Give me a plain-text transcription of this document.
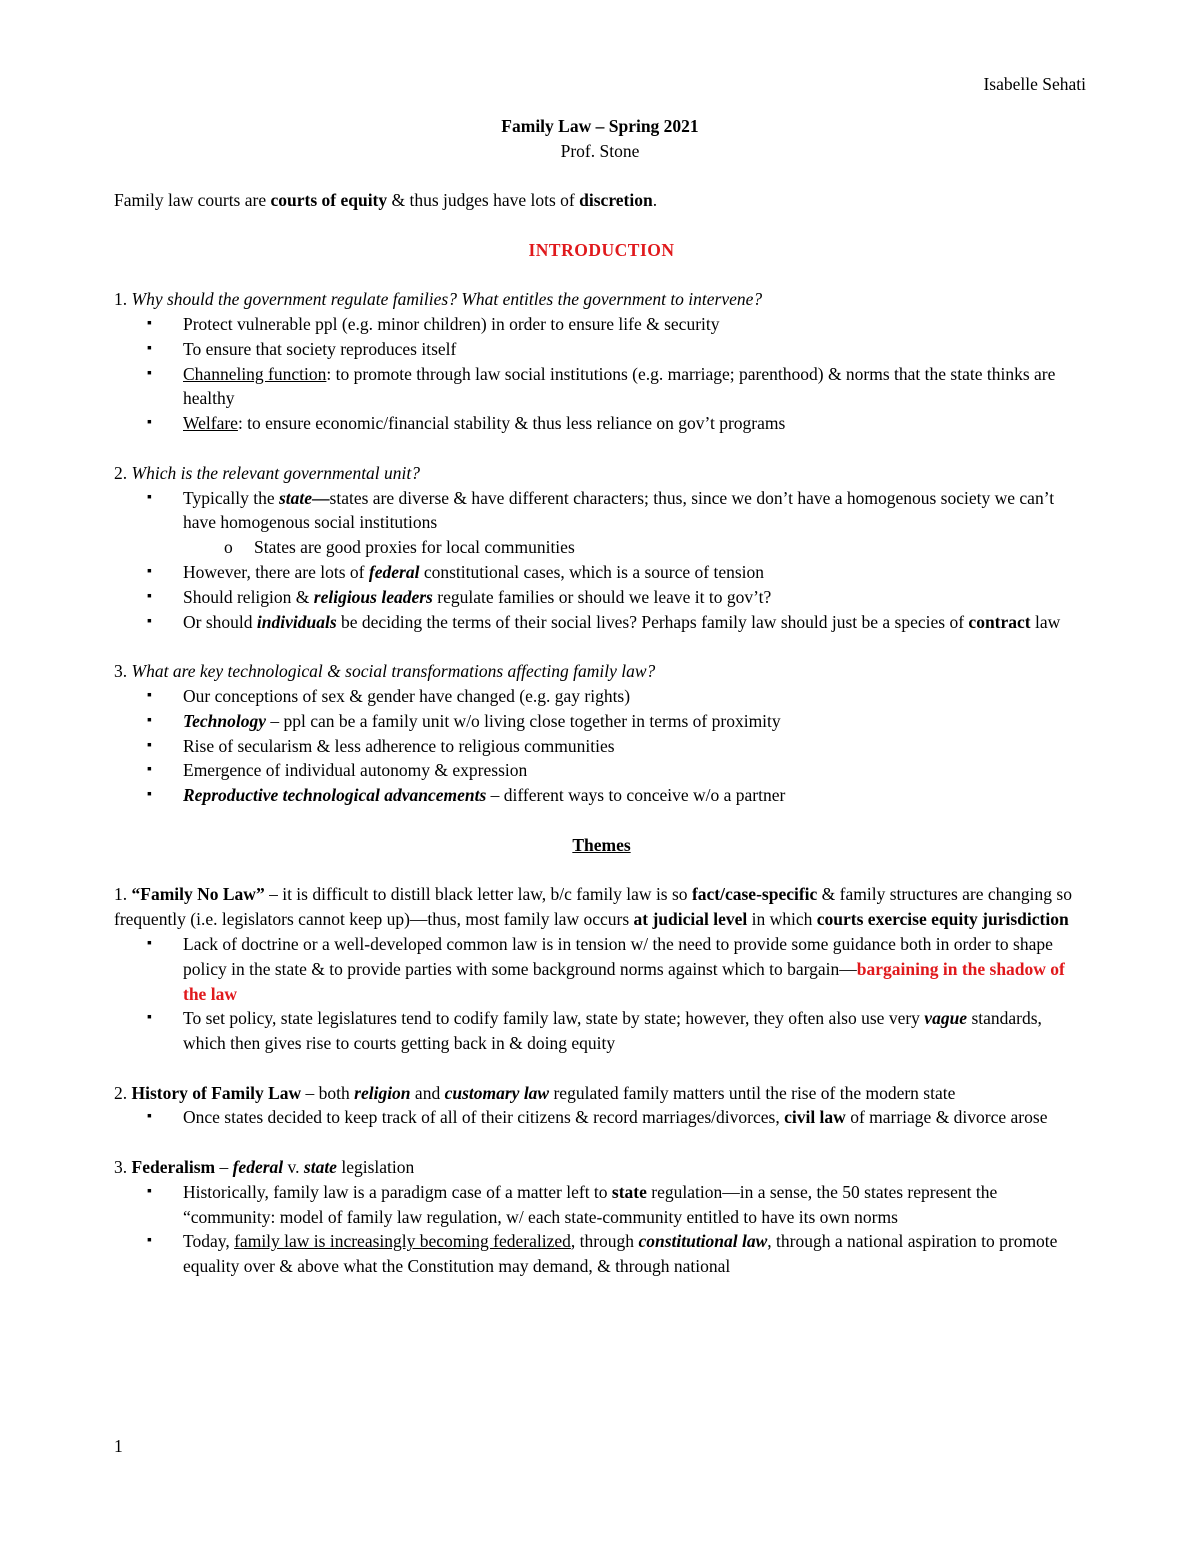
Isabelle Sehati
Family Law – Spring 2021
Prof. Stone

Family law courts are courts of equity & thus judges have lots of discretion.

INTRODUCTION

1. Why should the government regulate families? What entitles the government to intervene?

▪ Protect vulnerable ppl (e.g. minor children) in order to ensure life & security
▪ To ensure that society reproduces itself
▪ Channeling function: to promote through law social institutions (e.g. marriage; parenthood) & norms that the state thinks are healthy
▪ Welfare: to ensure economic/financial stability & thus less reliance on gov’t programs

2. Which is the relevant governmental unit?

▪ Typically the state—states are diverse & have different characters; thus, since we don’t have a homogenous society we can’t have homogenous social institutions
o States are good proxies for local communities
▪ However, there are lots of federal constitutional cases, which is a source of tension
▪ Should religion & religious leaders regulate families or should we leave it to gov’t?
▪ Or should individuals be deciding the terms of their social lives? Perhaps family law should just be a species of contract law

3. What are key technological & social transformations affecting family law?

▪ Our conceptions of sex & gender have changed (e.g. gay rights)
▪ Technology – ppl can be a family unit w/o living close together in terms of proximity
▪ Rise of secularism & less adherence to religious communities
▪ Emergence of individual autonomy & expression
▪ Reproductive technological advancements – different ways to conceive w/o a partner

Themes

1. “Family No Law” – it is difficult to distill black letter law, b/c family law is so fact/case-specific & family structures are changing so frequently (i.e. legislators cannot keep up)—thus, most family law occurs at judicial level in which courts exercise equity jurisdiction

▪ Lack of doctrine or a well-developed common law is in tension w/ the need to provide some guidance both in order to shape policy in the state & to provide parties with some background norms against which to bargain—bargaining in the shadow of the law
▪ To set policy, state legislatures tend to codify family law, state by state; however, they often also use very vague standards, which then gives rise to courts getting back in & doing equity

2. History of Family Law – both religion and customary law regulated family matters until the rise of the modern state

▪ Once states decided to keep track of all of their citizens & record marriages/divorces, civil law of marriage & divorce arose

3. Federalism – federal v. state legislation

▪ Historically, family law is a paradigm case of a matter left to state regulation—in a sense, the 50 states represent the “community: model of family law regulation, w/ each state-community entitled to have its own norms
▪ Today, family law is increasingly becoming federalized, through constitutional law, through a national aspiration to promote equality over & above what the Constitution may demand, & through national
1
